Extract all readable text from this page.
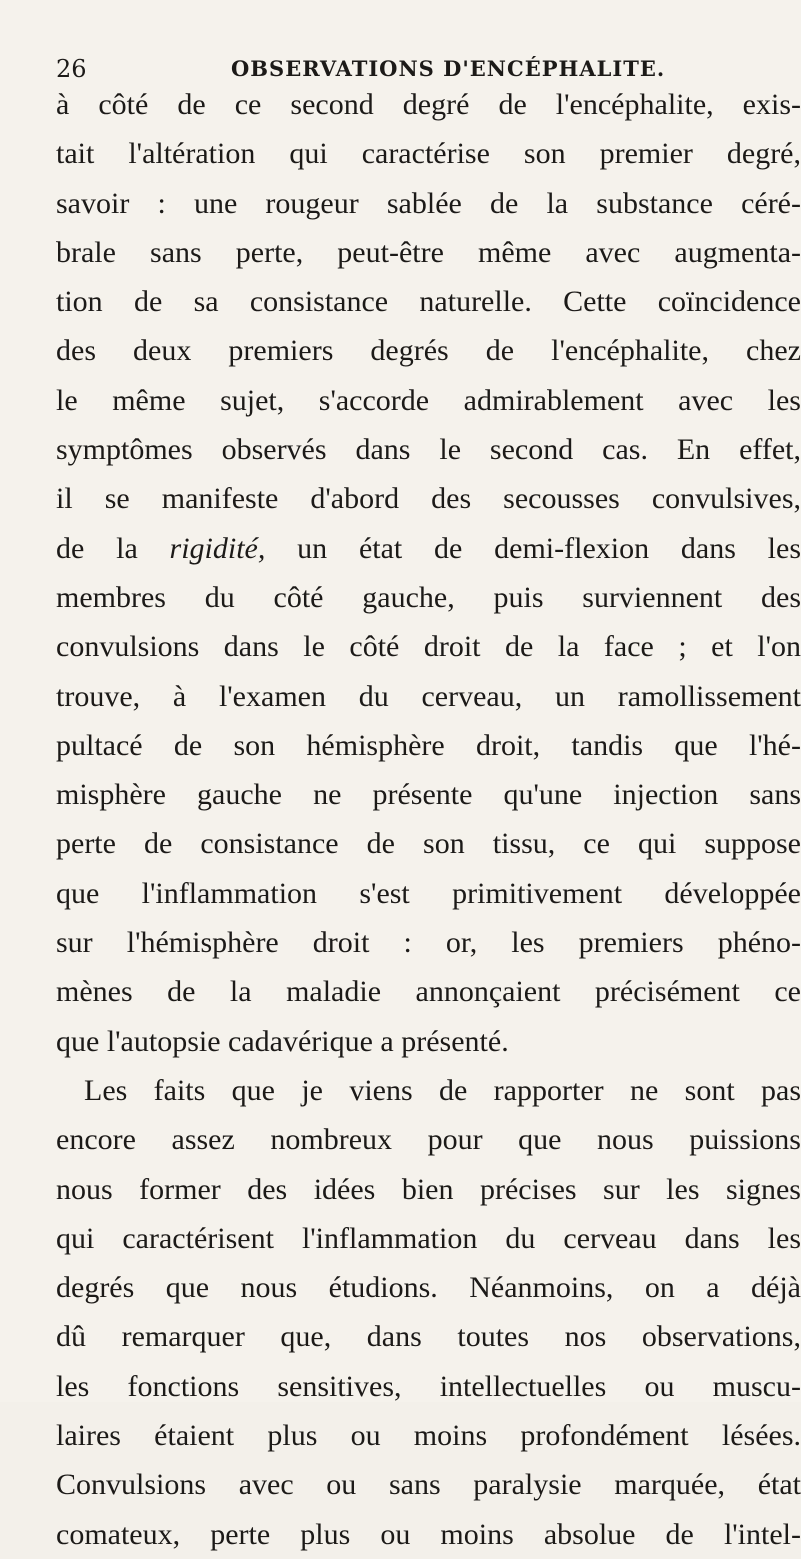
26	OBSERVATIONS D'ENCÉPHALITE.
à côté de ce second degré de l'encéphalite, exis-
tait l'altération qui caractérise son premier degré,
savoir : une rougeur sablée de la substance céré-
brale sans perte, peut-être même avec augmenta-
tion de sa consistance naturelle. Cette coïncidence
des deux premiers degrés de l'encéphalite, chez
le même sujet, s'accorde admirablement avec les
symptômes observés dans le second cas. En effet,
il se manifeste d'abord des secousses convulsives,
de la rigidité, un état de demi-flexion dans les
membres du côté gauche, puis surviennent des
convulsions dans le côté droit de la face ; et l'on
trouve, à l'examen du cerveau, un ramollissement
pultacé de son hémisphère droit, tandis que l'hé-
misphère gauche ne présente qu'une injection sans
perte de consistance de son tissu, ce qui suppose
que l'inflammation s'est primitivement développée
sur l'hémisphère droit : or, les premiers phéno-
mènes de la maladie annonçaient précisément ce
que l'autopsie cadavérique a présenté.
Les faits que je viens de rapporter ne sont pas
encore assez nombreux pour que nous puissions
nous former des idées bien précises sur les signes
qui caractérisent l'inflammation du cerveau dans les
degrés que nous étudions. Néanmoins, on a déjà
dû remarquer que, dans toutes nos observations,
les fonctions sensitives, intellectuelles ou muscu-
laires étaient plus ou moins profondément lésées.
Convulsions avec ou sans paralysie marquée, état
comateux, perte plus ou moins absolue de l'intel-
